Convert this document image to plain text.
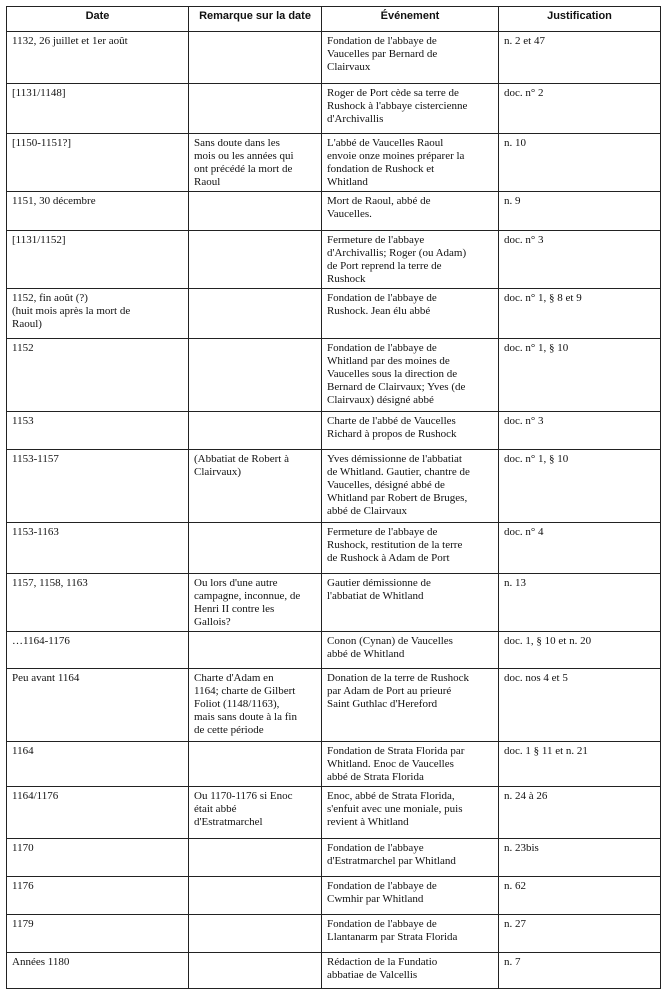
Date	Remarque sur la date	Événement	Justification
1132, 26 juillet et 1er août		Fondation de l'abbaye de
Vaucelles par Bernard de
Clairvaux	n. 2 et 47
[1131/1148]		Roger de Port cède sa terre de
Rushock à l'abbaye cistercienne
d'Archivallis	doc. n° 2
[1150-1151?]	Sans doute dans les
mois ou les années qui
ont précédé la mort de
Raoul	L'abbé de Vaucelles Raoul
envoie onze moines préparer la
fondation de Rushock et
Whitland	n. 10
1151, 30 décembre		Mort de Raoul, abbé de
Vaucelles.	n. 9
[1131/1152]		Fermeture de l'abbaye
d'Archivallis; Roger (ou Adam)
de Port reprend la terre de
Rushock	doc. n° 3
1152, fin août (?)
(huit mois après la mort de
Raoul)		Fondation de l'abbaye de
Rushock. Jean élu abbé	doc. n° 1, § 8 et 9
1152		Fondation de l'abbaye de
Whitland par des moines de
Vaucelles sous la direction de
Bernard de Clairvaux; Yves (de
Clairvaux) désigné abbé	doc. n° 1, § 10
1153		Charte de l'abbé de Vaucelles
Richard à propos de Rushock	doc. n° 3
1153-1157	(Abbatiat de Robert à
Clairvaux)	Yves démissionne de l'abbatiat
de Whitland. Gautier, chantre de
Vaucelles, désigné abbé de
Whitland par Robert de Bruges,
abbé de Clairvaux	doc. n° 1, § 10
1153-1163		Fermeture de l'abbaye de
Rushock, restitution de la terre
de Rushock à Adam de Port	doc. n° 4
1157, 1158, 1163	Ou lors d'une autre
campagne, inconnue, de
Henri II contre les
Gallois?	Gautier démissionne de
l'abbatiat de Whitland	n. 13
…1164-1176		Conon (Cynan) de Vaucelles
abbé de Whitland	doc. 1, § 10 et n. 20
Peu avant 1164	Charte d'Adam en
1164; charte de Gilbert
Foliot (1148/1163),
mais sans doute à la fin
de cette période	Donation de la terre de Rushock
par Adam de Port au prieuré
Saint Guthlac d'Hereford	doc. nos 4 et 5
1164		Fondation de Strata Florida par
Whitland. Enoc de Vaucelles
abbé de Strata Florida	doc. 1 § 11 et n. 21
1164/1176	Ou 1170-1176 si Enoc
était abbé
d'Estratmarchel	Enoc, abbé de Strata Florida,
s'enfuit avec une moniale, puis
revient à Whitland	n. 24 à 26
1170		Fondation de l'abbaye
d'Estratmarchel par Whitland	n. 23bis
1176		Fondation de l'abbaye de
Cwmhir par Whitland	n. 62
1179		Fondation de l'abbaye de
Llantanarm par Strata Florida	n. 27
Années 1180		Rédaction de la Fundatio
abbatiae de Valcellis	n. 7
